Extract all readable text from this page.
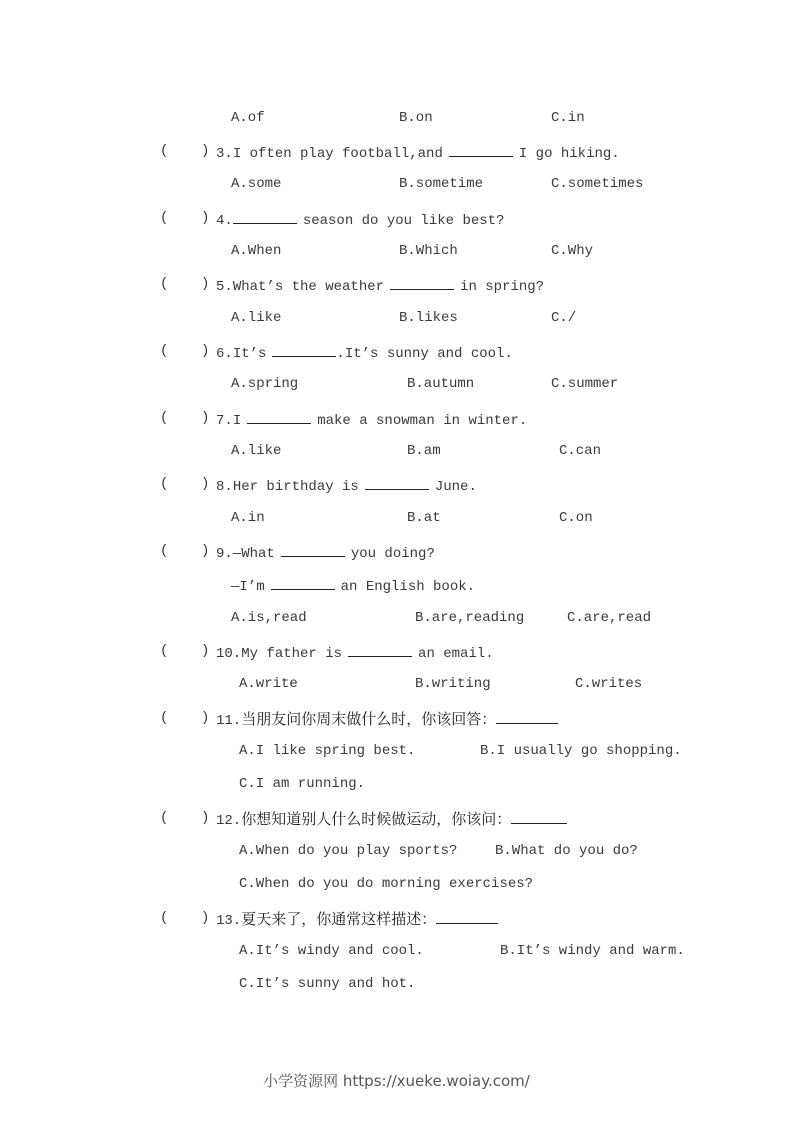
A.of	B.on	C.in
( ) 3.I often play football,and	I go hiking.
A.some	B.sometime	C.sometimes
( ) 4.	season do you like best?
A.When	B.Which	C.Why
( ) 5.What’s the weather	in spring?
A.like	B.likes	C./
( ) 6.It’s	.It’s sunny and cool.
A.spring	B.autumn	C.summer
( ) 7.I	make a snowman in winter.
A.like	B.am	C.can
( ) 8.Her birthday is	June.
A.in	B.at	C.on
( ) 9.—What	you doing?
—I’m	an English book.
A.is,read	B.are,reading	C.are,read
( ) 10.My father is	an email.
A.write	B.writing	C.writes
( ) 11.当朋友问你周末做什么时，你该回答：
A.I like spring best.	B.I usually go shopping.
C.I am running.
( ) 12.你想知道别人什么时候做运动，你该问：
A.When do you play sports?	B.What do you do?
C.When do you do morning exercises?
( ) 13.夏天来了，你通常这样描述：
A.It’s windy and cool.	B.It’s windy and warm.
C.It’s sunny and hot.
小学资源网 https://xueke.woiay.com/
